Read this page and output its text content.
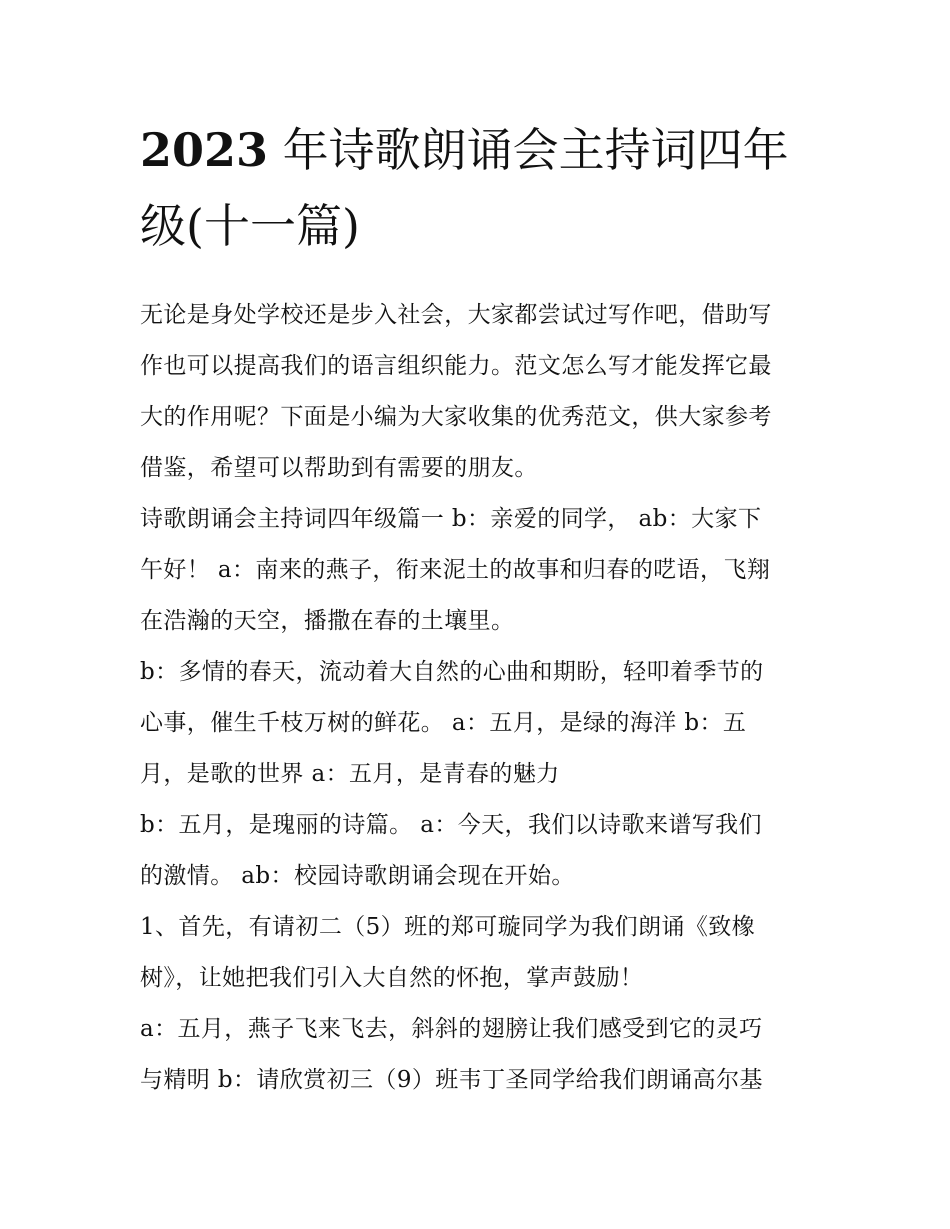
2023 年诗歌朗诵会主持词四年
级(十一篇)

无论是身处学校还是步入社会，大家都尝试过写作吧，借助写
作也可以提高我们的语言组织能力。范文怎么写才能发挥它最
大的作用呢？下面是小编为大家收集的优秀范文，供大家参考
借鉴，希望可以帮助到有需要的朋友。

诗歌朗诵会主持词四年级篇一 b：亲爱的同学， ab：大家下
午好！ a：南来的燕子，衔来泥土的故事和归春的呓语，飞翔
在浩瀚的天空，播撒在春的土壤里。

b：多情的春天，流动着大自然的心曲和期盼，轻叩着季节的
心事，催生千枝万树的鲜花。 a：五月，是绿的海洋 b：五
月，是歌的世界 a：五月，是青春的魅力

b：五月，是瑰丽的诗篇。 a：今天，我们以诗歌来谱写我们
的激情。 ab：校园诗歌朗诵会现在开始。

1、首先，有请初二（5）班的郑可璇同学为我们朗诵《致橡
树》，让她把我们引入大自然的怀抱，掌声鼓励！

a：五月，燕子飞来飞去，斜斜的翅膀让我们感受到它的灵巧
与精明 b：请欣赏初三（9）班韦丁圣同学给我们朗诵高尔基
